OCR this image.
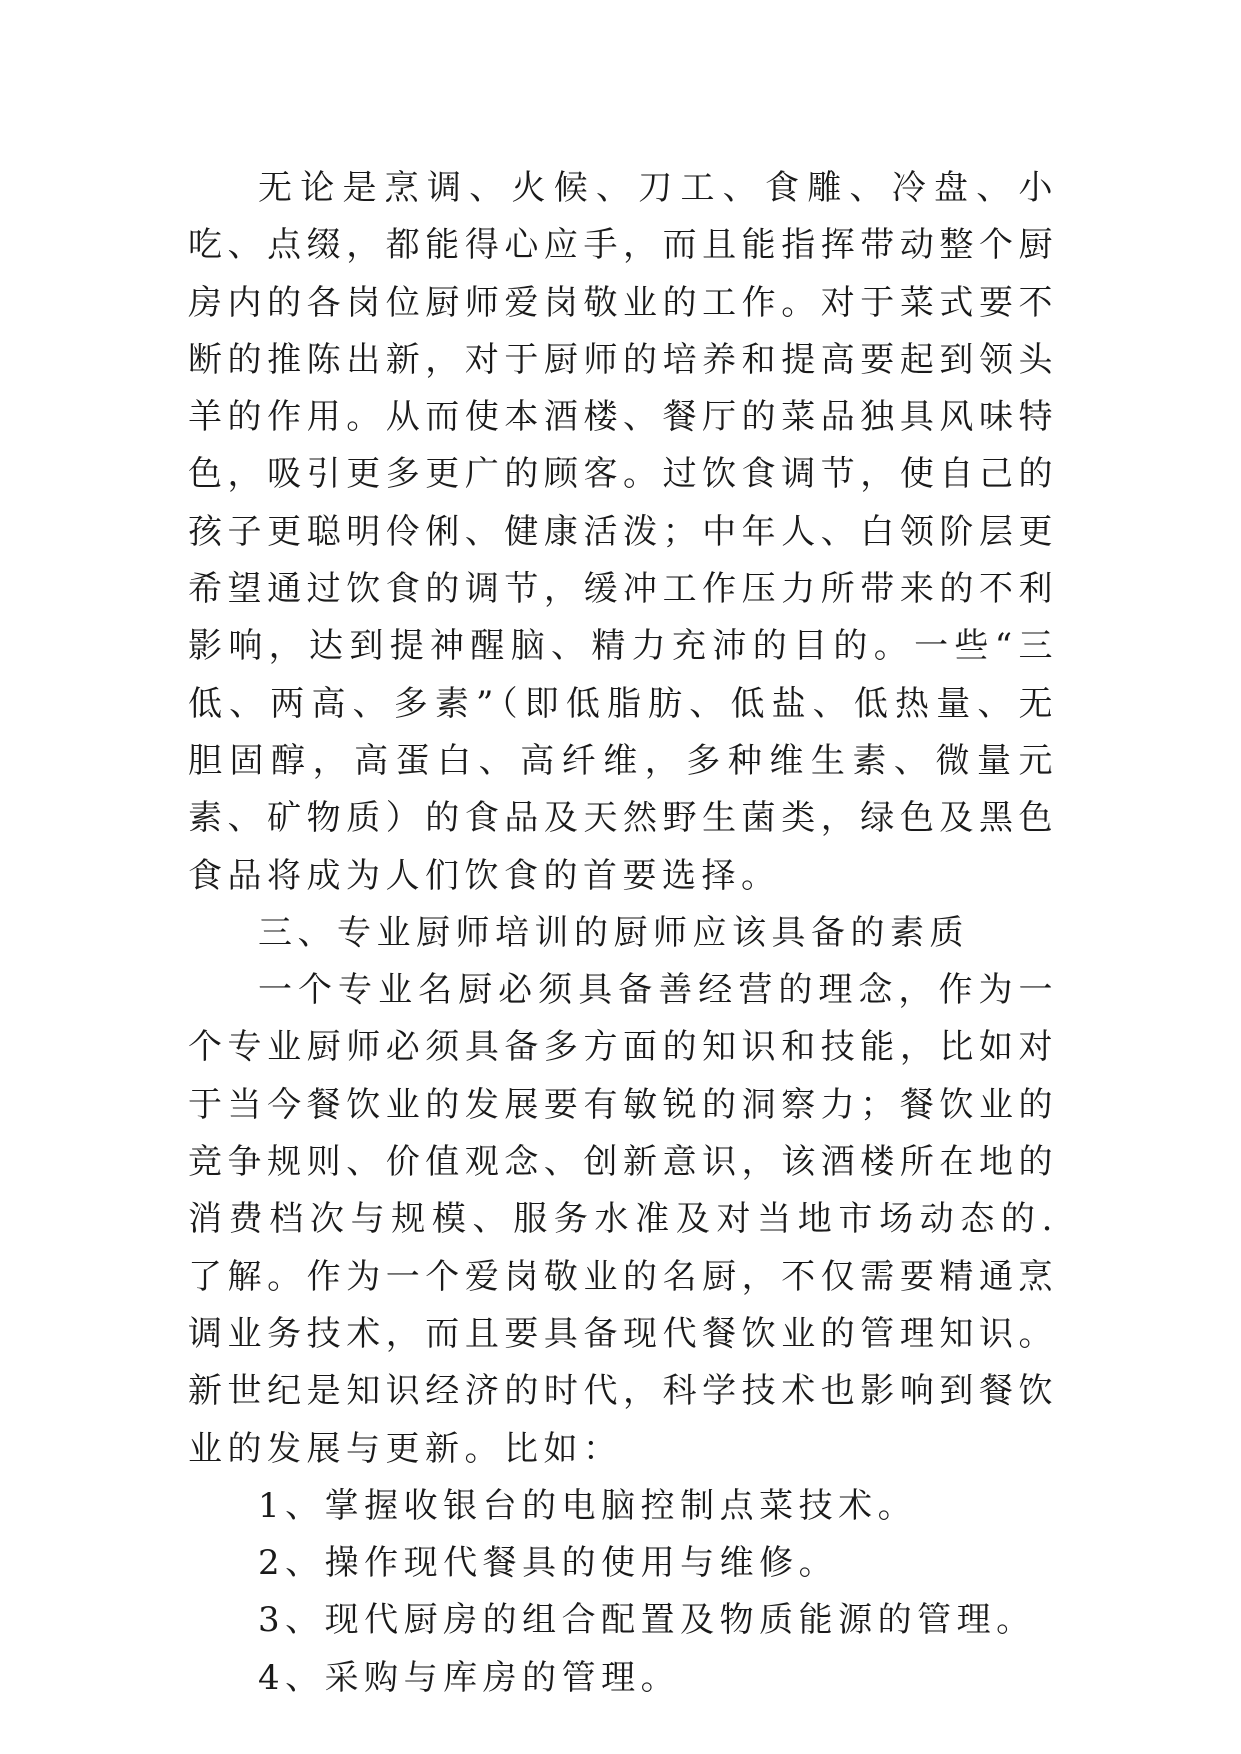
无论是烹调、火候、刀工、食雕、冷盘、小吃、点缀，都能得心应手，而且能指挥带动整个厨房内的各岗位厨师爱岗敬业的工作。对于菜式要不断的推陈出新，对于厨师的培养和提高要起到领头羊的作用。从而使本酒楼、餐厅的菜品独具风味特色，吸引更多更广的顾客。过饮食调节，使自己的孩子更聪明伶俐、健康活泼；中年人、白领阶层更希望通过饮食的调节，缓冲工作压力所带来的不利影响，达到提神醒脑、精力充沛的目的。一些“三低、两高、多素”（即低脂肪、低盐、低热量、无胆固醇，高蛋白、高纤维，多种维生素、微量元素、矿物质）的食品及天然野生菌类，绿色及黑色食品将成为人们饮食的首要选择。

三、专业厨师培训的厨师应该具备的素质

一个专业名厨必须具备善经营的理念，作为一个专业厨师必须具备多方面的知识和技能，比如对于当今餐饮业的发展要有敏锐的洞察力；餐饮业的竞争规则、价值观念、创新意识，该酒楼所在地的消费档次与规模、服务水准及对当地市场动态的.了解。作为一个爱岗敬业的名厨，不仅需要精通烹调业务技术，而且要具备现代餐饮业的管理知识。新世纪是知识经济的时代，科学技术也影响到餐饮业的发展与更新。比如：

1、掌握收银台的电脑控制点菜技术。

2、操作现代餐具的使用与维修。

3、现代厨房的组合配置及物质能源的管理。

4、采购与库房的管理。
